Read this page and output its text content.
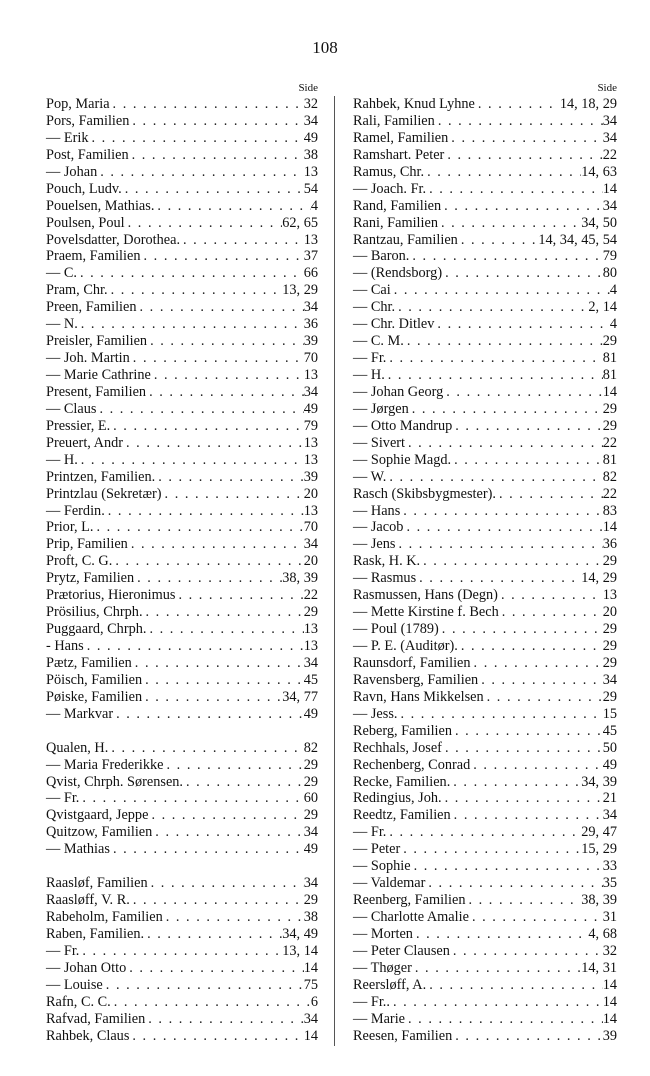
108
Side
Pop, Maria . . .	32
Pors, Familien . . .	34
— Erik . . .	49
Post, Familien . . .	38
— Johan . . .	13
Pouch, Ludv. . . .	54
Pouelsen, Mathias. . . .	4
Poulsen, Poul . . .	62, 65
Povelsdatter, Dorothea. . . .	13
Praem, Familien . . .	37
— C. . . .	66
Pram, Chr. . . .	13, 29
Preen, Familien . . .	34
— N. . . .	36
Preisler, Familien . . .	39
— Joh. Martin . . .	70
— Marie Cathrine . . .	13
Present, Familien . . .	34
— Claus . . .	49
Pressier, E. . . .	79
Preuert, Andr . . .	13
— H. . . .	13
Printzen, Familien. . . .	39
Printzlau (Sekretær) . . .	20
— Ferdin. . . .	13
Prior, L. . . .	70
Prip, Familien . . .	34
Proft, C. G. . . .	20
Prytz, Familien . . .	38, 39
Prætorius, Hieronimus . . .	22
Prösilius, Chrph. . . .	29
Puggaard, Chrph. . . .	13
- Hans . . .	13
Pætz, Familien . . .	34
Pöisch, Familien . . .	45
Pøiske, Familien . . .	34, 77
— Markvar . . .	49
Qualen, H. . . .	82
— Maria Frederikke . . .	29
Qvist, Chrph. Sørensen. . . .	29
— Fr. . . .	60
Qvistgaard, Jeppe . . .	29
Quitzow, Familien . . .	34
— Mathias . . .	49
Raasløf, Familien . . .	34
Raasløff, V. R. . . .	29
Rabeholm, Familien . . .	38
Raben, Familien. . . .	34, 49
— Fr. . . .	13, 14
— Johan Otto . . .	14
— Louise . . .	75
Rafn, C. C. . . .	6
Rafvad, Familien . . .	34
Rahbek, Claus . . .	14
Side
Rahbek, Knud Lyhne . . .	14, 18, 29
Rali, Familien . . .	34
Ramel, Familien . . .	34
Ramshart. Peter . . .	22
Ramus, Chr. . . .	14, 63
— Joach. Fr. . . .	14
Rand, Familien . . .	34
Rani, Familien . . .	34, 50
Rantzau, Familien . . .	14, 34, 45, 54
— Baron. . . .	79
— (Rendsborg) . . .	80
— Cai . . .	4
— Chr. . . .	2, 14
— Chr. Ditlev . . .	4
— C. M. . . .	29
— Fr. . . .	81
— H. . . .	81
— Johan Georg . . .	14
— Jørgen . . .	29
— Otto Mandrup . . .	29
— Sivert . . .	22
— Sophie Magd. . . .	81
— W. . . .	82
Rasch (Skibsbygmester). . . .	22
— Hans . . .	83
— Jacob . . .	14
— Jens . . .	36
Rask, H. K. . . .	29
— Rasmus . . .	14, 29
Rasmussen, Hans (Degn) . . .	13
— Mette Kirstine f. Bech . . .	20
— Poul (1789) . . .	29
— P. E. (Auditør). . . .	29
Raunsdorf, Familien . . .	29
Ravensberg, Familien . . .	34
Ravn, Hans Mikkelsen . . .	29
— Jess. . . .	15
Reberg, Familien . . .	45
Rechhals, Josef . . .	50
Rechenberg, Conrad . . .	49
Recke, Familien. . . .	34, 39
Redingius, Joh. . . .	21
Reedtz, Familien . . .	34
— Fr. . . .	29, 47
— Peter . . .	15, 29
— Sophie . . .	33
— Valdemar . . .	35
Reenberg, Familien . . .	38, 39
— Charlotte Amalie . . .	31
— Morten . . .	4, 68
— Peter Clausen . . .	32
— Thøger . . .	14, 31
Reersløff, A. . . .	14
— Fr.. . . .	14
— Marie . . .	14
Reesen, Familien . . .	39
